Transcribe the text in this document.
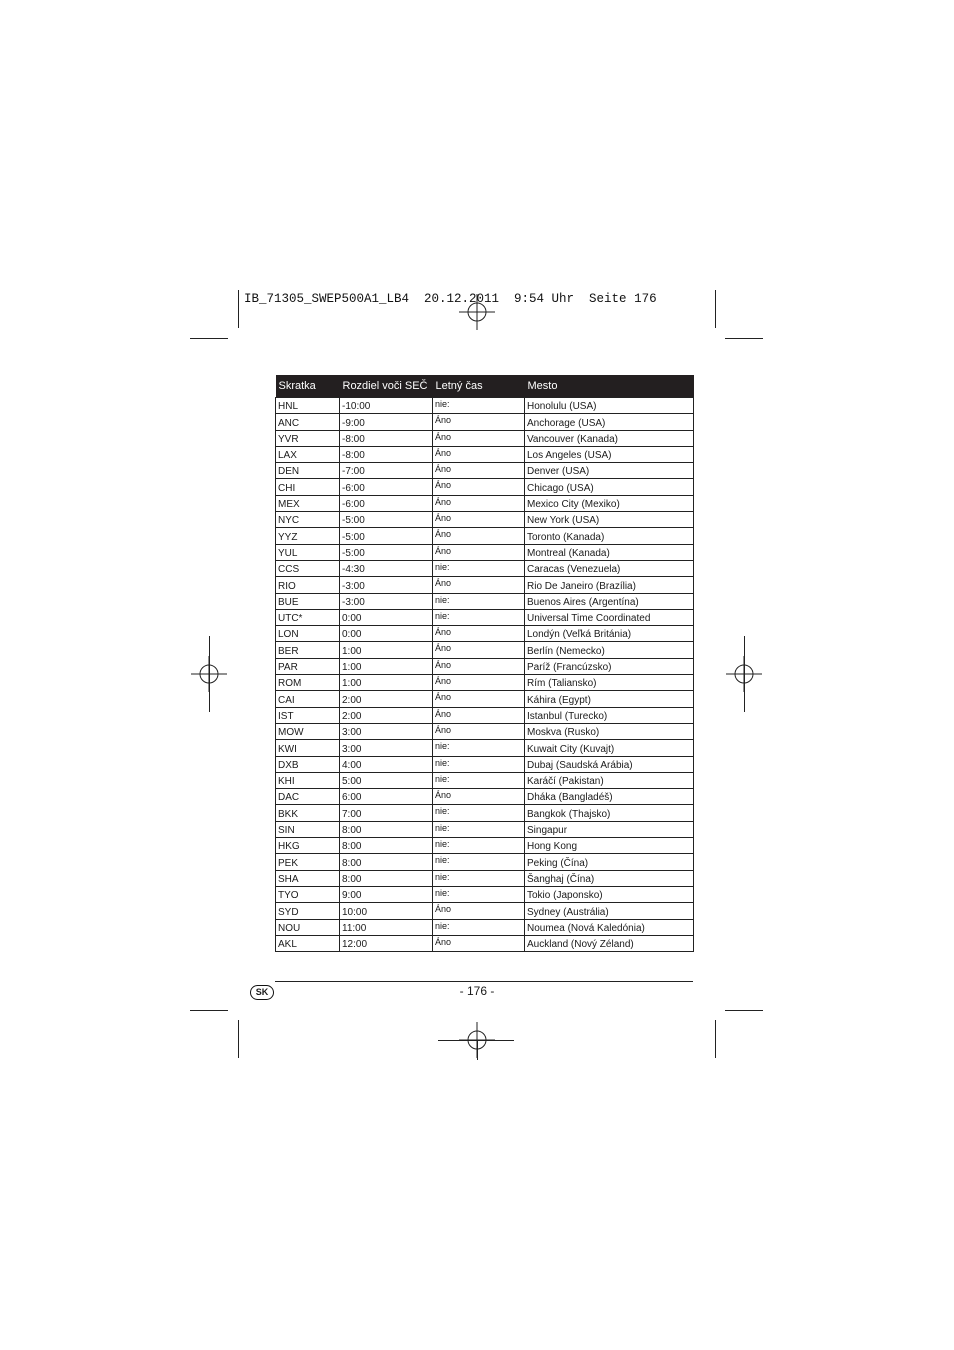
IB_71305_SWEP500A1_LB4  20.12.2011  9:54 Uhr  Seite 176
Skratka	Rozdiel voči SEČ	Letný čas	Mesto
HNL	-10:00	nie:	Honolulu (USA)
ANC	-9:00	Áno	Anchorage (USA)
YVR	-8:00	Áno	Vancouver (Kanada)
LAX	-8:00	Áno	Los Angeles (USA)
DEN	-7:00	Áno	Denver (USA)
CHI	-6:00	Áno	Chicago (USA)
MEX	-6:00	Áno	Mexico City (Mexiko)
NYC	-5:00	Áno	New York (USA)
YYZ	-5:00	Áno	Toronto (Kanada)
YUL	-5:00	Áno	Montreal (Kanada)
CCS	-4:30	nie:	Caracas (Venezuela)
RIO	-3:00	Áno	Rio De Janeiro (Brazília)
BUE	-3:00	nie:	Buenos Aires (Argentína)
UTC*	0:00	nie:	Universal Time Coordinated
LON	0:00	Áno	Londýn (Veľká Británia)
BER	1:00	Áno	Berlín (Nemecko)
PAR	1:00	Áno	Paríž (Francúzsko)
ROM	1:00	Áno	Rím (Taliansko)
CAI	2:00	Áno	Káhira (Egypt)
IST	2:00	Áno	Istanbul (Turecko)
MOW	3:00	Áno	Moskva (Rusko)
KWI	3:00	nie:	Kuwait City (Kuvajt)
DXB	4:00	nie:	Dubaj (Saudská Arábia)
KHI	5:00	nie:	Karáčí (Pakistan)
DAC	6:00	Áno	Dháka (Bangladéš)
BKK	7:00	nie:	Bangkok (Thajsko)
SIN	8:00	nie:	Singapur
HKG	8:00	nie:	Hong Kong
PEK	8:00	nie:	Peking (Čína)
SHA	8:00	nie:	Šanghaj (Čína)
TYO	9:00	nie:	Tokio (Japonsko)
SYD	10:00	Áno	Sydney (Austrália)
NOU	11:00	nie:	Noumea (Nová Kaledónia)
AKL	12:00	Áno	Auckland (Nový Zéland)
SK	- 176 -
